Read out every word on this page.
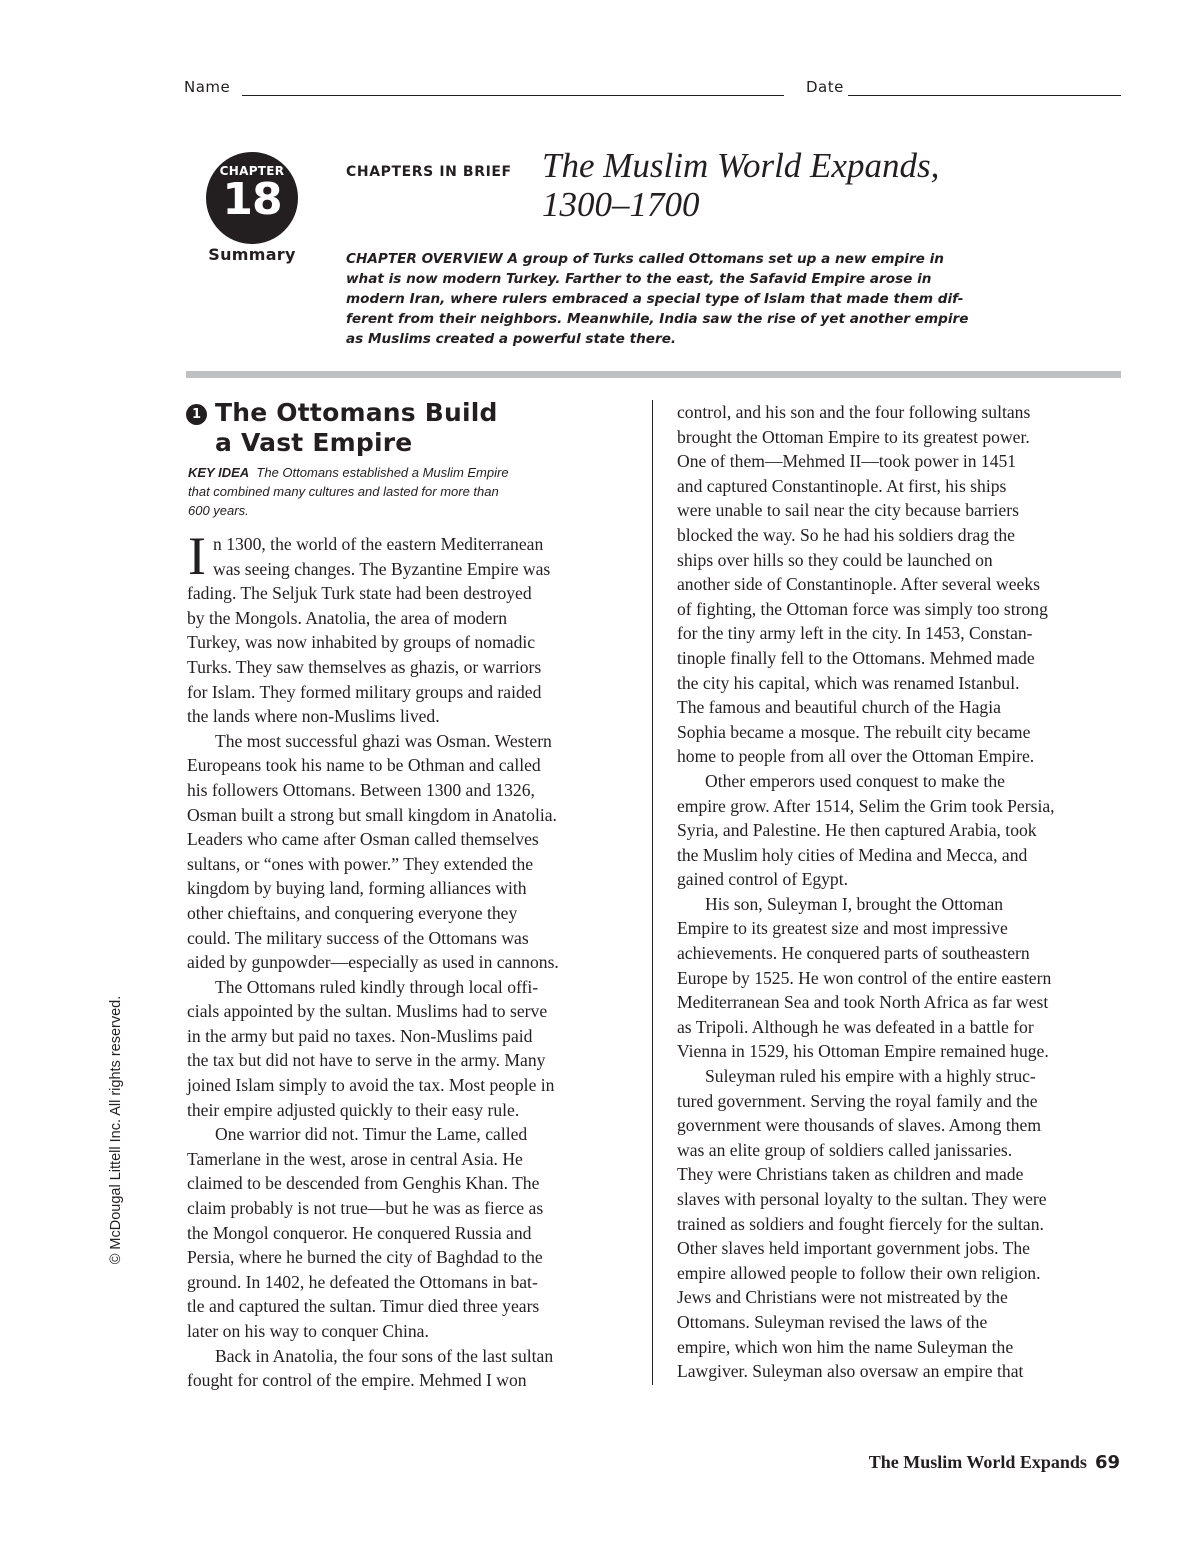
Name	Date
CHAPTER
18
Summary
CHAPTERS IN BRIEF The Muslim World Expands,
1300–1700
CHAPTER OVERVIEW A group of Turks called Ottomans set up a new empire in
what is now modern Turkey. Farther to the east, the Safavid Empire arose in
modern Iran, where rulers embraced a special type of Islam that made them dif-
ferent from their neighbors. Meanwhile, India saw the rise of yet another empire
as Muslims created a powerful state there.
1 The Ottomans Build
a Vast Empire
KEY IDEA The Ottomans established a Muslim Empire
that combined many cultures and lasted for more than
600 years.
I n 1300, the world of the eastern Mediterranean
was seeing changes. The Byzantine Empire was
fading. The Seljuk Turk state had been destroyed
by the Mongols. Anatolia, the area of modern
Turkey, was now inhabited by groups of nomadic
Turks. They saw themselves as ghazis, or warriors
for Islam. They formed military groups and raided
the lands where non-Muslims lived.
The most successful ghazi was Osman. Western
Europeans took his name to be Othman and called
his followers Ottomans. Between 1300 and 1326,
Osman built a strong but small kingdom in Anatolia.
Leaders who came after Osman called themselves
sultans, or “ones with power.” They extended the
kingdom by buying land, forming alliances with
other chieftains, and conquering everyone they
could. The military success of the Ottomans was
aided by gunpowder—especially as used in cannons.
The Ottomans ruled kindly through local offi-
cials appointed by the sultan. Muslims had to serve
in the army but paid no taxes. Non-Muslims paid
the tax but did not have to serve in the army. Many
joined Islam simply to avoid the tax. Most people in
their empire adjusted quickly to their easy rule.
One warrior did not. Timur the Lame, called
Tamerlane in the west, arose in central Asia. He
claimed to be descended from Genghis Khan. The
claim probably is not true—but he was as fierce as
the Mongol conqueror. He conquered Russia and
Persia, where he burned the city of Baghdad to the
ground. In 1402, he defeated the Ottomans in bat-
tle and captured the sultan. Timur died three years
later on his way to conquer China.
Back in Anatolia, the four sons of the last sultan
fought for control of the empire. Mehmed I won
control, and his son and the four following sultans
brought the Ottoman Empire to its greatest power.
One of them—Mehmed II—took power in 1451
and captured Constantinople. At first, his ships
were unable to sail near the city because barriers
blocked the way. So he had his soldiers drag the
ships over hills so they could be launched on
another side of Constantinople. After several weeks
of fighting, the Ottoman force was simply too strong
for the tiny army left in the city. In 1453, Constan-
tinople finally fell to the Ottomans. Mehmed made
the city his capital, which was renamed Istanbul.
The famous and beautiful church of the Hagia
Sophia became a mosque. The rebuilt city became
home to people from all over the Ottoman Empire.
Other emperors used conquest to make the
empire grow. After 1514, Selim the Grim took Persia,
Syria, and Palestine. He then captured Arabia, took
the Muslim holy cities of Medina and Mecca, and
gained control of Egypt.
His son, Suleyman I, brought the Ottoman
Empire to its greatest size and most impressive
achievements. He conquered parts of southeastern
Europe by 1525. He won control of the entire eastern
Mediterranean Sea and took North Africa as far west
as Tripoli. Although he was defeated in a battle for
Vienna in 1529, his Ottoman Empire remained huge.
Suleyman ruled his empire with a highly struc-
tured government. Serving the royal family and the
government were thousands of slaves. Among them
was an elite group of soldiers called janissaries.
They were Christians taken as children and made
slaves with personal loyalty to the sultan. They were
trained as soldiers and fought fiercely for the sultan.
Other slaves held important government jobs. The
empire allowed people to follow their own religion.
Jews and Christians were not mistreated by the
Ottomans. Suleyman revised the laws of the
empire, which won him the name Suleyman the
Lawgiver. Suleyman also oversaw an empire that
© McDougal Littell Inc. All rights reserved.
The Muslim World Expands 69
